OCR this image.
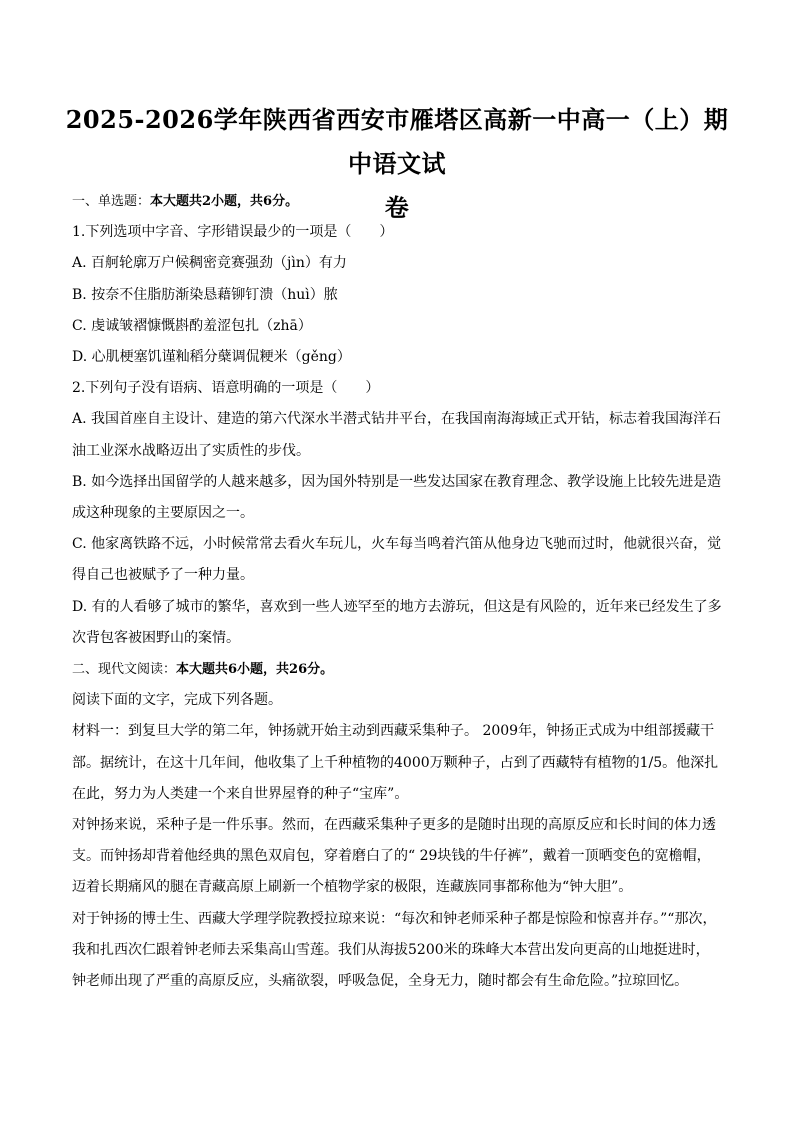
2025-2026学年陕西省西安市雁塔区高新一中高一（上）期中语文试
卷

一、单选题：本大题共2小题，共6分。

1.下列选项中字音、字形错误最少的一项是（　　）

A. 百舸轮廓万户候稠密竞赛强劲（jìn）有力

B. 按奈不住脂肪渐染恳藉铆钉溃（huì）脓

C. 虔诚皱褶慷慨斟酌羞涩包扎（zhā）

D. 心肌梗塞饥谨籼稻分蘖调侃粳米（gěng）

2.下列句子没有语病、语意明确的一项是（　　）

A. 我国首座自主设计、建造的第六代深水半潜式钻井平台，在我国南海海域正式开钻，标志着我国海洋石油工业深水战略迈出了实质性的步伐。

B. 如今选择出国留学的人越来越多，因为国外特别是一些发达国家在教育理念、教学设施上比较先进是造成这种现象的主要原因之一。

C. 他家离铁路不远，小时候常常去看火车玩儿，火车每当鸣着汽笛从他身边飞驰而过时，他就很兴奋，觉得自己也被赋予了一种力量。

D. 有的人看够了城市的繁华，喜欢到一些人迹罕至的地方去游玩，但这是有风险的，近年来已经发生了多次背包客被困野山的案情。

二、现代文阅读：本大题共6小题，共26分。

阅读下面的文字，完成下列各题。

材料一：到复旦大学的第二年，钟扬就开始主动到西藏采集种子。 2009年，钟扬正式成为中组部援藏干部。据统计，在这十几年间，他收集了上千种植物的4000万颗种子，占到了西藏特有植物的1/5。他深扎在此，努力为人类建一个来自世界屋脊的种子“宝库”。

对钟扬来说，采种子是一件乐事。然而，在西藏采集种子更多的是随时出现的高原反应和长时间的体力透支。而钟扬却背着他经典的黑色双肩包，穿着磨白了的“ 29块钱的牛仔裤”，戴着一顶晒变色的宽檐帽，迈着长期痛风的腿在青藏高原上刷新一个植物学家的极限，连藏族同事都称他为“钟大胆”。

对于钟扬的博士生、西藏大学理学院教授拉琼来说：“每次和钟老师采种子都是惊险和惊喜并存。”“那次，我和扎西次仁跟着钟老师去采集高山雪莲。我们从海拔5200米的珠峰大本营出发向更高的山地挺进时，钟老师出现了严重的高原反应，头痛欲裂，呼吸急促，全身无力，随时都会有生命危险。”拉琼回忆。
